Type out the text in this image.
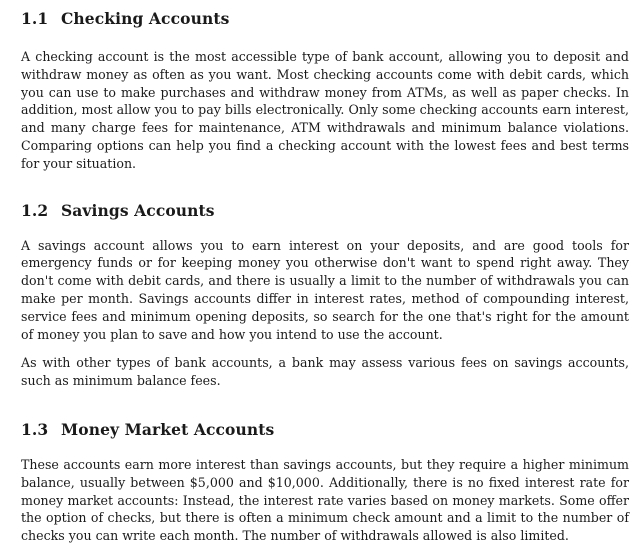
1.1 Checking Accounts

A checking account is the most accessible type of bank account, allowing you to deposit and withdraw money as often as you want. Most checking accounts come with debit cards, which you can use to make purchases and withdraw money from ATMs, as well as paper checks. In addition, most allow you to pay bills electronically. Only some checking accounts earn interest, and many charge fees for maintenance, ATM withdrawals and minimum balance violations. Comparing options can help you find a checking account with the lowest fees and best terms for your situation.

1.2 Savings Accounts

A savings account allows you to earn interest on your deposits, and are good tools for emergency funds or for keeping money you otherwise don't want to spend right away. They don't come with debit cards, and there is usually a limit to the number of withdrawals you can make per month. Savings accounts differ in interest rates, method of compounding interest, service fees and minimum opening deposits, so search for the one that's right for the amount of money you plan to save and how you intend to use the account.

As with other types of bank accounts, a bank may assess various fees on savings accounts, such as minimum balance fees.

1.3 Money Market Accounts

These accounts earn more interest than savings accounts, but they require a higher minimum balance, usually between $5,000 and $10,000. Additionally, there is no fixed interest rate for money market accounts: Instead, the interest rate varies based on money markets. Some offer the option of checks, but there is often a minimum check amount and a limit to the number of checks you can write each month. The number of withdrawals allowed is also limited.
